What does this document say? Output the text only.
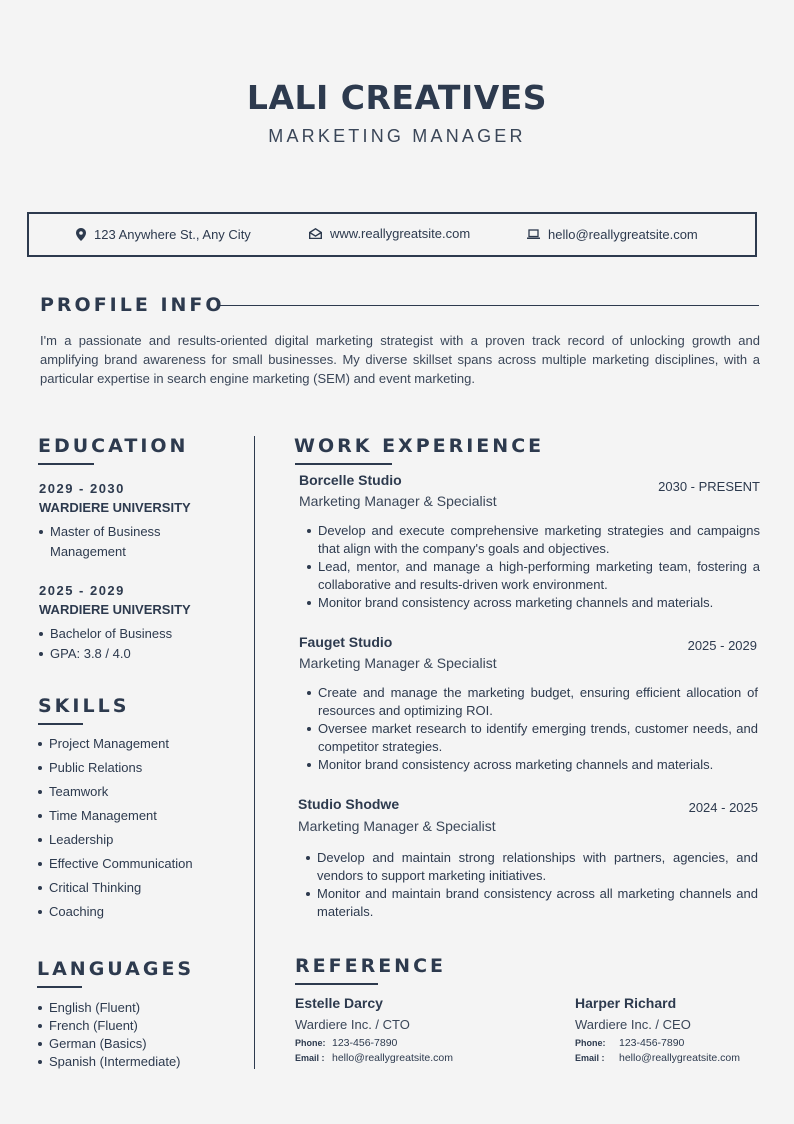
LALI CREATIVES
MARKETING MANAGER
123 Anywhere St., Any City	www.reallygreatsite.com	hello@reallygreatsite.com
PROFILE INFO
I'm a passionate and results-oriented digital marketing strategist with a proven track record of unlocking growth and amplifying brand awareness for small businesses. My diverse skillset spans across multiple marketing disciplines, with a particular expertise in search engine marketing (SEM) and event marketing.
EDUCATION
2029 - 2030
WARDIERE UNIVERSITY
Master of Business Management
2025 - 2029
WARDIERE UNIVERSITY
Bachelor of Business
GPA: 3.8 / 4.0
SKILLS
Project Management
Public Relations
Teamwork
Time Management
Leadership
Effective Communication
Critical Thinking
Coaching
LANGUAGES
English (Fluent)
French (Fluent)
German (Basics)
Spanish (Intermediate)
WORK EXPERIENCE
Borcelle Studio	2030 - PRESENT
Marketing Manager & Specialist
Develop and execute comprehensive marketing strategies and campaigns that align with the company's goals and objectives.
Lead, mentor, and manage a high-performing marketing team, fostering a collaborative and results-driven work environment.
Monitor brand consistency across marketing channels and materials.
Fauget Studio	2025 - 2029
Marketing Manager & Specialist
Create and manage the marketing budget, ensuring efficient allocation of resources and optimizing ROI.
Oversee market research to identify emerging trends, customer needs, and competitor strategies.
Monitor brand consistency across marketing channels and materials.
Studio Shodwe	2024 - 2025
Marketing Manager & Specialist
Develop and maintain strong relationships with partners, agencies, and vendors to support marketing initiatives.
Monitor and maintain brand consistency across all marketing channels and materials.
REFERENCE
Estelle Darcy
Wardiere Inc. / CTO
Phone: 123-456-7890
Email : hello@reallygreatsite.com
Harper Richard
Wardiere Inc. / CEO
Phone: 123-456-7890
Email : hello@reallygreatsite.com
